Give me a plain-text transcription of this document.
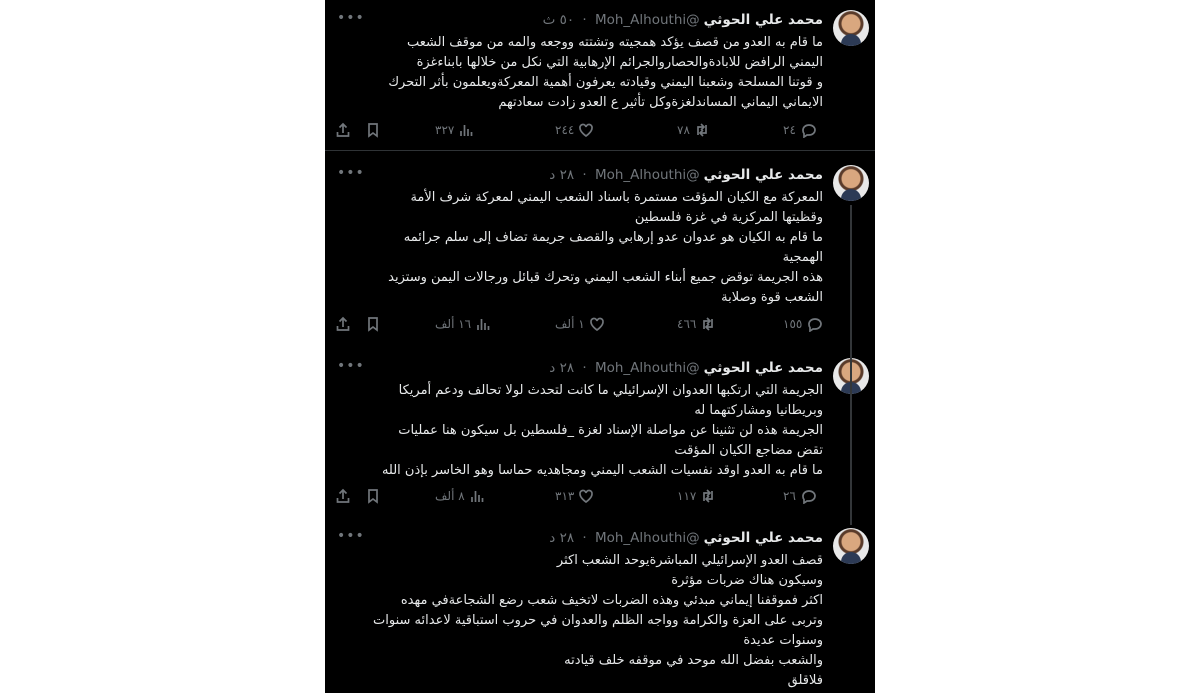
محمد علي الحوثي@Moh_Alhouthi · ٥٠ ث
•••
ما قام به العدو من قصف يؤكد همجيته وتشتته ووجعه والمه من موقف الشعب
اليمني الرافض للابادةوالحصاروالجرائم الإرهابية التي نكل من خلالها بابناءغزة
و قوتنا المسلحة وشعبنا اليمني وقيادته يعرفون أهمية المعركةويعلمون بأثر التحرك
الايماني اليماني المساندلغزةوكل تأثير ع العدو زادت سعادتهم
٣٢٧	٢٤٤	٧٨	٢٤
محمد علي الحوثي@Moh_Alhouthi · ٢٨ د
•••
المعركة مع الكيان المؤقت مستمرة باسناد الشعب اليمني لمعركة شرف الأمة
وقظيتها المركزية في غزة فلسطين
ما قام به الكيان هو عدوان عدو إرهابي والقصف جريمة تضاف إلى سلم جرائمه
الهمجية
هذه الجريمة توقض جميع أبناء الشعب اليمني وتحرك قبائل ورجالات اليمن وستزيد
الشعب قوة وصلابة
١٦ ألف	١ ألف	٤٦٦	١٥٥
محمد علي الحوثي@Moh_Alhouthi · ٢٨ د
•••
الجريمة التي ارتكبها العدوان الإسرائيلي ما كانت لتحدث لولا تحالف ودعم أمريكا
وبريطانيا ومشاركتهما له
الجريمة هذه لن تثنينا عن مواصلة الإسناد لغزة _فلسطين بل سيكون هنا عمليات
تقض مضاجع الكيان المؤقت
ما قام به العدو اوقد نفسيات الشعب اليمني ومجاهديه حماسا وهو الخاسر بإذن الله
٨ ألف	٣١٣	١١٧	٢٦
محمد علي الحوثي@Moh_Alhouthi · ٢٨ د
•••
قصف العدو الإسرائيلي المباشرةيوحد الشعب اكثر
وسيكون هناك ضربات مؤثرة
اكثر فموقفنا إيماني مبدئي وهذه الضربات لاتخيف شعب رضع الشجاعةفي مهده
وتربى على العزة والكرامة وواجه الظلم والعدوان في حروب استباقية لاعدائه سنوات
وسنوات عديدة
والشعب بفضل الله موحد في موقفه خلف قيادته
فلاقلق
